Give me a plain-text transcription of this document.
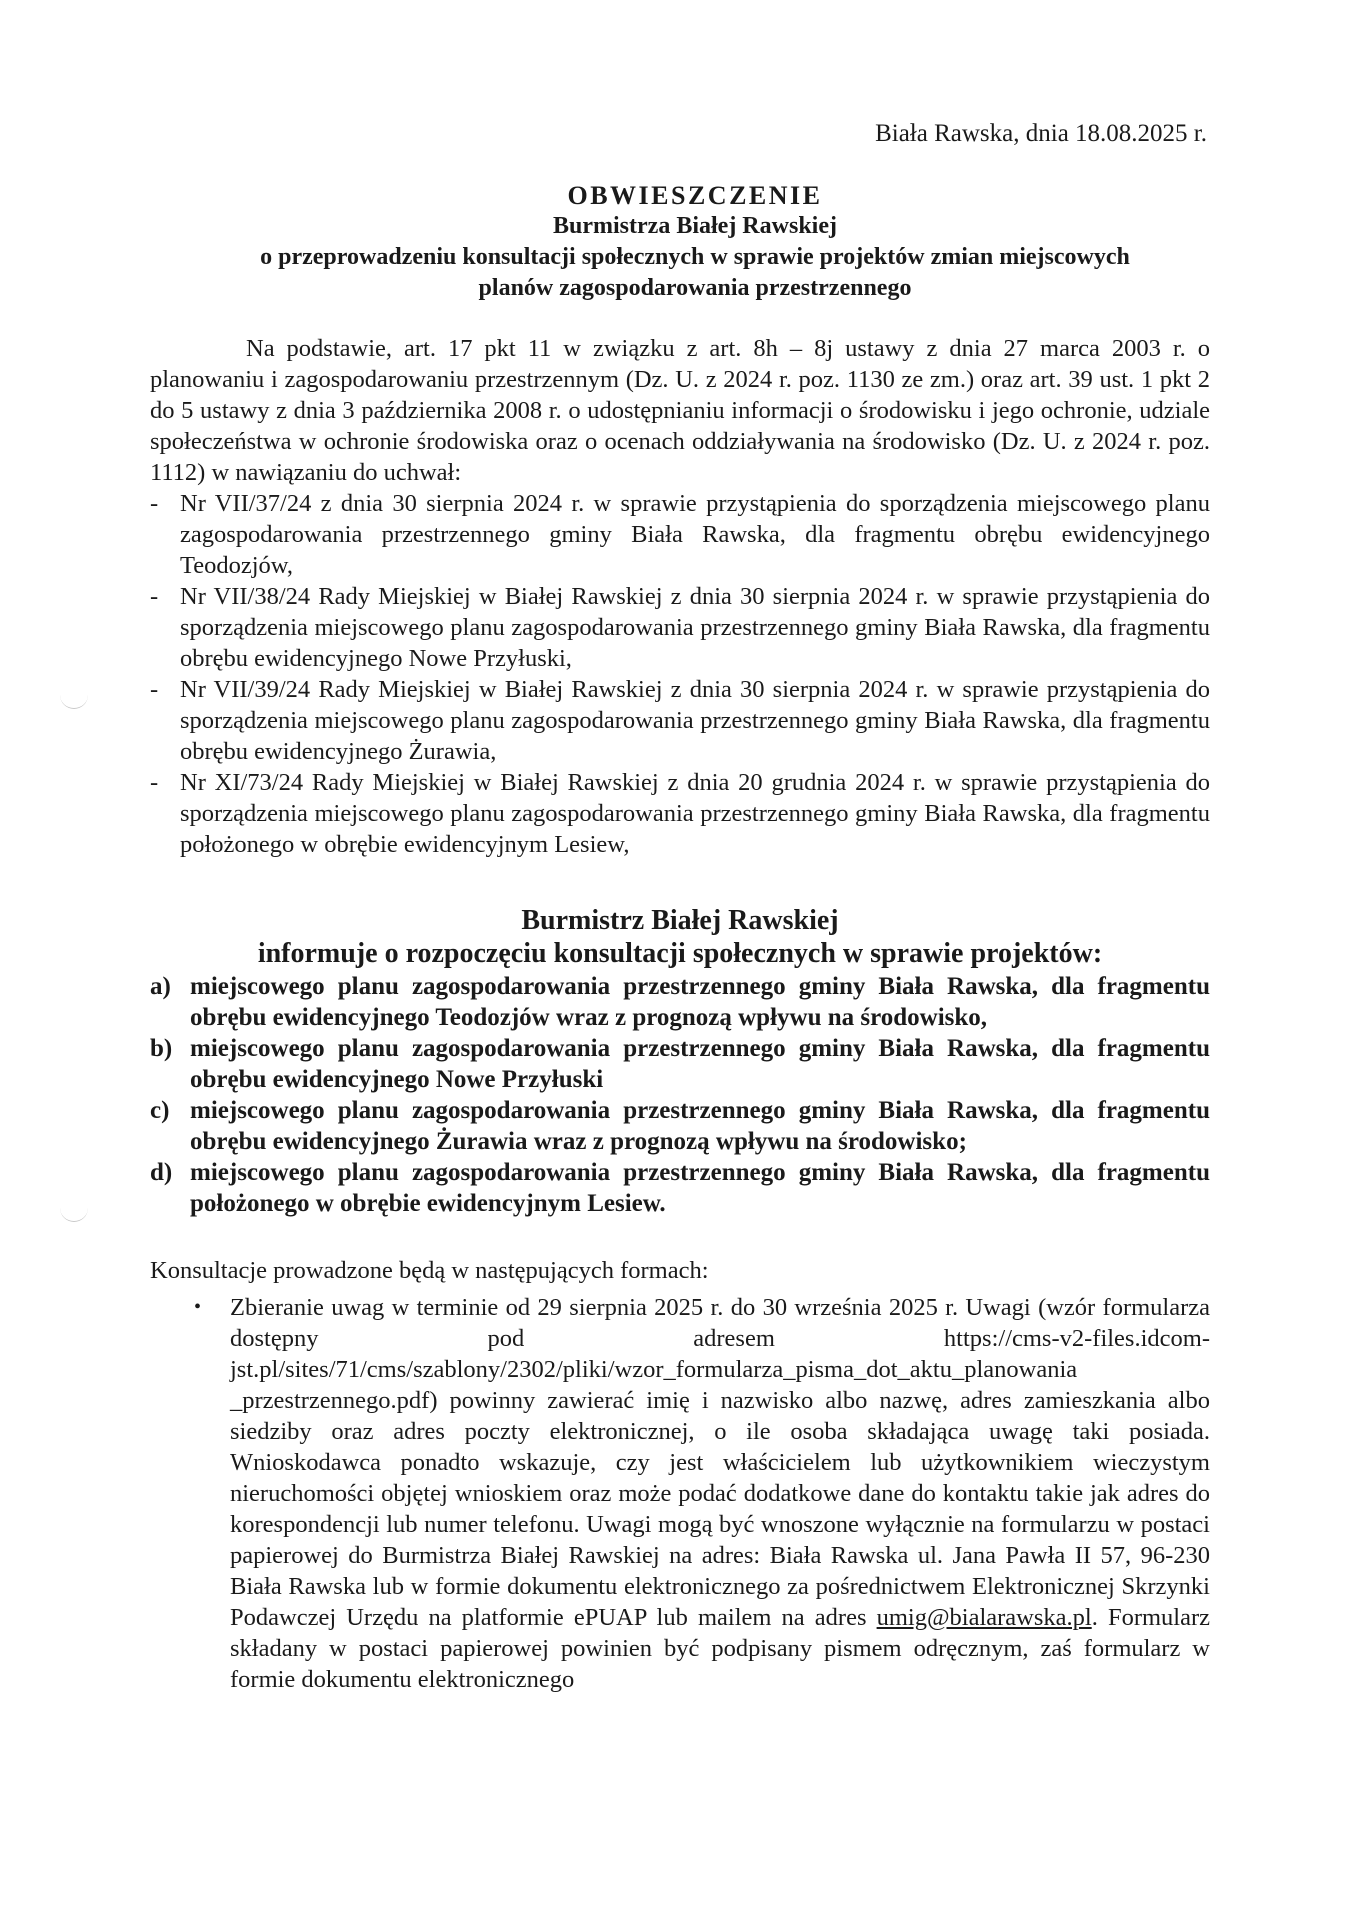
Biała Rawska, dnia 18.08.2025 r.
OBWIESZCZENIE
Burmistrza Białej Rawskiej
o przeprowadzeniu konsultacji społecznych w sprawie projektów zmian miejscowych
planów zagospodarowania przestrzennego

Na podstawie, art. 17 pkt 11 w związku z art. 8h – 8j ustawy z dnia 27 marca 2003 r. o planowaniu i zagospodarowaniu przestrzennym (Dz. U. z 2024 r. poz. 1130 ze zm.) oraz art. 39 ust. 1 pkt 2 do 5 ustawy z dnia 3 października 2008 r. o udostępnianiu informacji o środowisku i jego ochronie, udziale społeczeństwa w ochronie środowiska oraz o ocenach oddziaływania na środowisko (Dz. U. z 2024 r. poz. 1112) w nawiązaniu do uchwał:

- Nr VII/37/24 z dnia 30 sierpnia 2024 r. w sprawie przystąpienia do sporządzenia miejscowego planu zagospodarowania przestrzennego gminy Biała Rawska, dla fragmentu obrębu ewidencyjnego Teodozjów,
- Nr VII/38/24 Rady Miejskiej w Białej Rawskiej z dnia 30 sierpnia 2024 r. w sprawie przystąpienia do sporządzenia miejscowego planu zagospodarowania przestrzennego gminy Biała Rawska, dla fragmentu obrębu ewidencyjnego Nowe Przyłuski,
- Nr VII/39/24 Rady Miejskiej w Białej Rawskiej z dnia 30 sierpnia 2024 r. w sprawie przystąpienia do sporządzenia miejscowego planu zagospodarowania przestrzennego gminy Biała Rawska, dla fragmentu obrębu ewidencyjnego Żurawia,
- Nr XI/73/24 Rady Miejskiej w Białej Rawskiej z dnia 20 grudnia 2024 r. w sprawie przystąpienia do sporządzenia miejscowego planu zagospodarowania przestrzennego gminy Biała Rawska, dla fragmentu położonego w obrębie ewidencyjnym Lesiew,
Burmistrz Białej Rawskiej
informuje o rozpoczęciu konsultacji społecznych w sprawie projektów:
a) miejscowego planu zagospodarowania przestrzennego gminy Biała Rawska, dla fragmentu obrębu ewidencyjnego Teodozjów wraz z prognozą wpływu na środowisko,
b) miejscowego planu zagospodarowania przestrzennego gminy Biała Rawska, dla fragmentu obrębu ewidencyjnego Nowe Przyłuski
c) miejscowego planu zagospodarowania przestrzennego gminy Biała Rawska, dla fragmentu obrębu ewidencyjnego Żurawia wraz z prognozą wpływu na środowisko;
d) miejscowego planu zagospodarowania przestrzennego gminy Biała Rawska, dla fragmentu położonego w obrębie ewidencyjnym Lesiew.

Konsultacje prowadzone będą w następujących formach:

• Zbieranie uwag w terminie od 29 sierpnia 2025 r. do 30 września 2025 r. Uwagi (wzór formularza dostępny pod adresem https://cms-v2-files.idcom-jst.pl/sites/71/cms/szablony/2302/pliki/wzor_formularza_pisma_dot_aktu_planowania _przestrzennego.pdf) powinny zawierać imię i nazwisko albo nazwę, adres zamieszkania albo siedziby oraz adres poczty elektronicznej, o ile osoba składająca uwagę taki posiada. Wnioskodawca ponadto wskazuje, czy jest właścicielem lub użytkownikiem wieczystym nieruchomości objętej wnioskiem oraz może podać dodatkowe dane do kontaktu takie jak adres do korespondencji lub numer telefonu. Uwagi mogą być wnoszone wyłącznie na formularzu w postaci papierowej do Burmistrza Białej Rawskiej na adres: Biała Rawska ul. Jana Pawła II 57, 96-230 Biała Rawska lub w formie dokumentu elektronicznego za pośrednictwem Elektronicznej Skrzynki Podawczej Urzędu na platformie ePUAP lub mailem na adres umig@bialarawska.pl. Formularz składany w postaci papierowej powinien być podpisany pismem odręcznym, zaś formularz w formie dokumentu elektronicznego
